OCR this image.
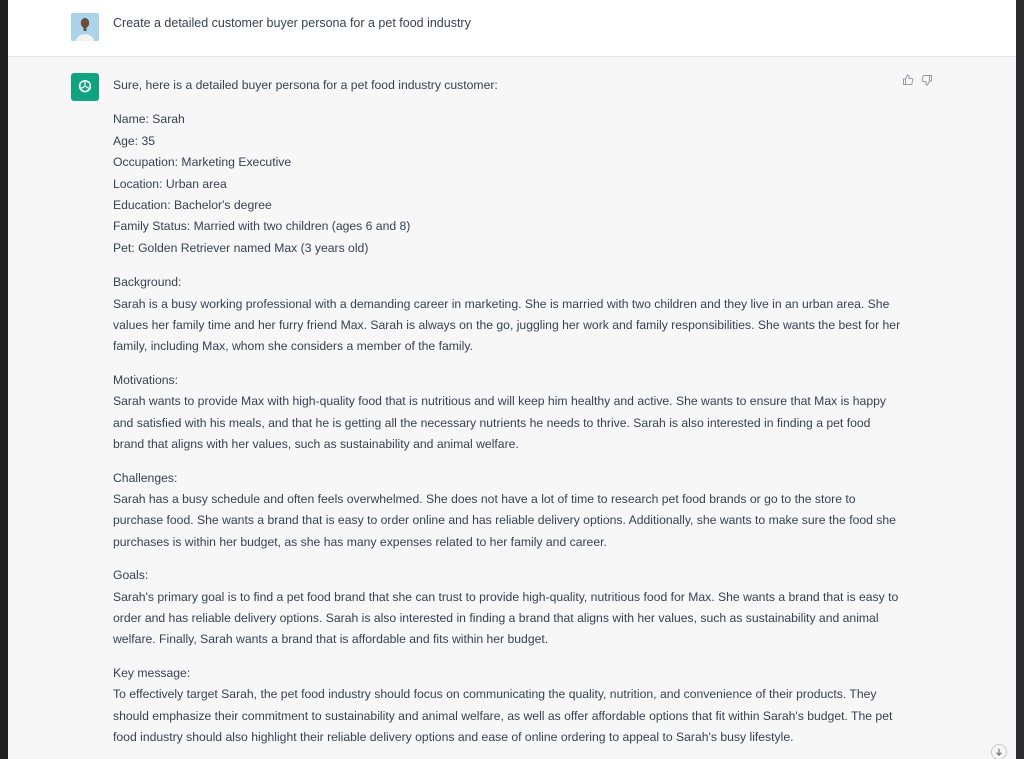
Create a detailed customer buyer persona for a pet food industry

Sure, here is a detailed buyer persona for a pet food industry customer:

Name: Sarah

Age: 35

Occupation: Marketing Executive

Location: Urban area

Education: Bachelor's degree

Family Status: Married with two children (ages 6 and 8)

Pet: Golden Retriever named Max (3 years old)

Background:

Sarah is a busy working professional with a demanding career in marketing. She is married with two children and they live in an urban area. She values her family time and her furry friend Max. Sarah is always on the go, juggling her work and family responsibilities. She wants the best for her family, including Max, whom she considers a member of the family.

Motivations:

Sarah wants to provide Max with high-quality food that is nutritious and will keep him healthy and active. She wants to ensure that Max is happy and satisfied with his meals, and that he is getting all the necessary nutrients he needs to thrive. Sarah is also interested in finding a pet food brand that aligns with her values, such as sustainability and animal welfare.

Challenges:

Sarah has a busy schedule and often feels overwhelmed. She does not have a lot of time to research pet food brands or go to the store to purchase food. She wants a brand that is easy to order online and has reliable delivery options. Additionally, she wants to make sure the food she purchases is within her budget, as she has many expenses related to her family and career.

Goals:

Sarah's primary goal is to find a pet food brand that she can trust to provide high-quality, nutritious food for Max. She wants a brand that is easy to order and has reliable delivery options. Sarah is also interested in finding a brand that aligns with her values, such as sustainability and animal welfare. Finally, Sarah wants a brand that is affordable and fits within her budget.

Key message:

To effectively target Sarah, the pet food industry should focus on communicating the quality, nutrition, and convenience of their products. They should emphasize their commitment to sustainability and animal welfare, as well as offer affordable options that fit within Sarah's budget. The pet food industry should also highlight their reliable delivery options and ease of online ordering to appeal to Sarah's busy lifestyle.
